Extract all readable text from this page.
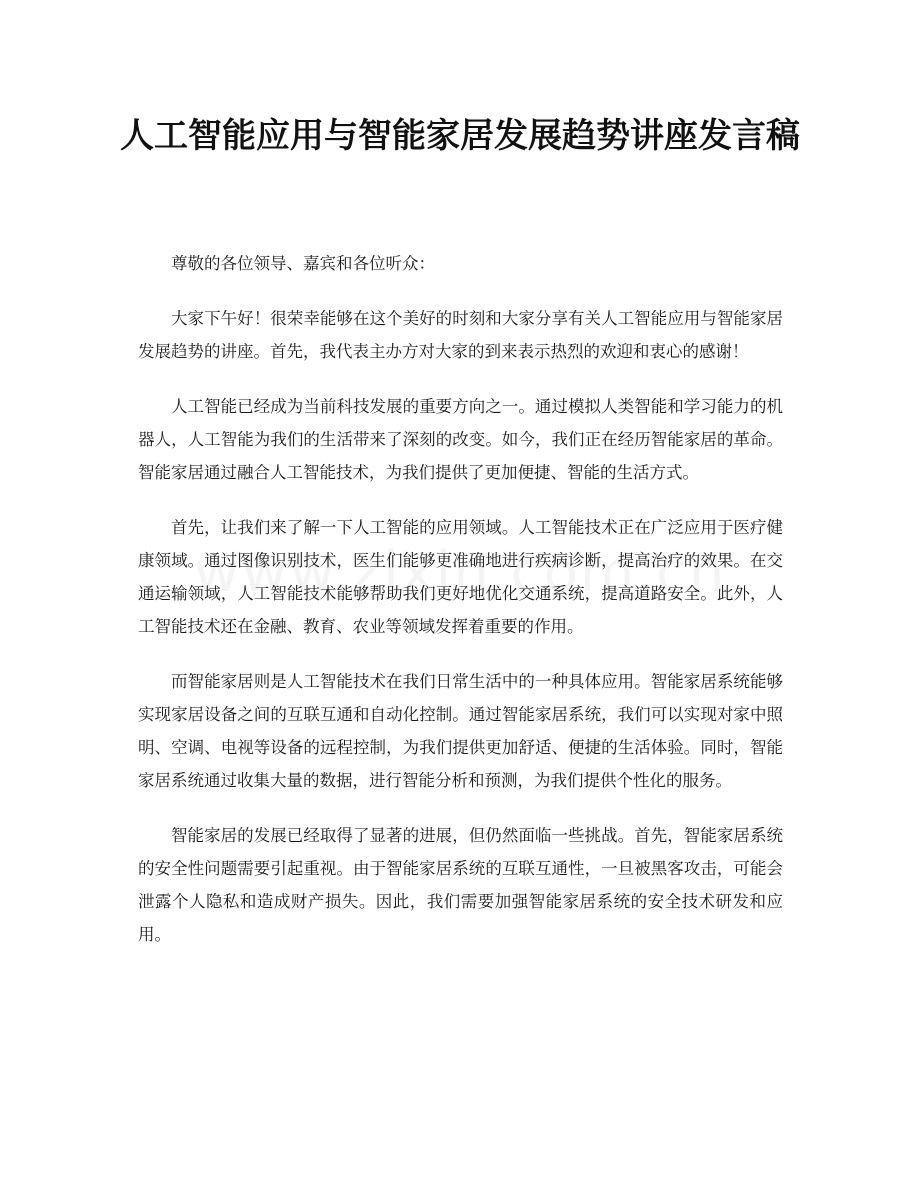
人工智能应用与智能家居发展趋势讲座发言稿

尊敬的各位领导、嘉宾和各位听众：

大家下午好！很荣幸能够在这个美好的时刻和大家分享有关人工智能应用与智能家居发展趋势的讲座。首先，我代表主办方对大家的到来表示热烈的欢迎和衷心的感谢！

人工智能已经成为当前科技发展的重要方向之一。通过模拟人类智能和学习能力的机器人，人工智能为我们的生活带来了深刻的改变。如今，我们正在经历智能家居的革命。智能家居通过融合人工智能技术，为我们提供了更加便捷、智能的生活方式。

首先，让我们来了解一下人工智能的应用领域。人工智能技术正在广泛应用于医疗健康领域。通过图像识别技术，医生们能够更准确地进行疾病诊断，提高治疗的效果。在交通运输领域，人工智能技术能够帮助我们更好地优化交通系统，提高道路安全。此外，人工智能技术还在金融、教育、农业等领域发挥着重要的作用。

而智能家居则是人工智能技术在我们日常生活中的一种具体应用。智能家居系统能够实现家居设备之间的互联互通和自动化控制。通过智能家居系统，我们可以实现对家中照明、空调、电视等设备的远程控制，为我们提供更加舒适、便捷的生活体验。同时，智能家居系统通过收集大量的数据，进行智能分析和预测，为我们提供个性化的服务。

智能家居的发展已经取得了显著的进展，但仍然面临一些挑战。首先，智能家居系统的安全性问题需要引起重视。由于智能家居系统的互联互通性，一旦被黑客攻击，可能会泄露个人隐私和造成财产损失。因此，我们需要加强智能家居系统的安全技术研发和应用。
